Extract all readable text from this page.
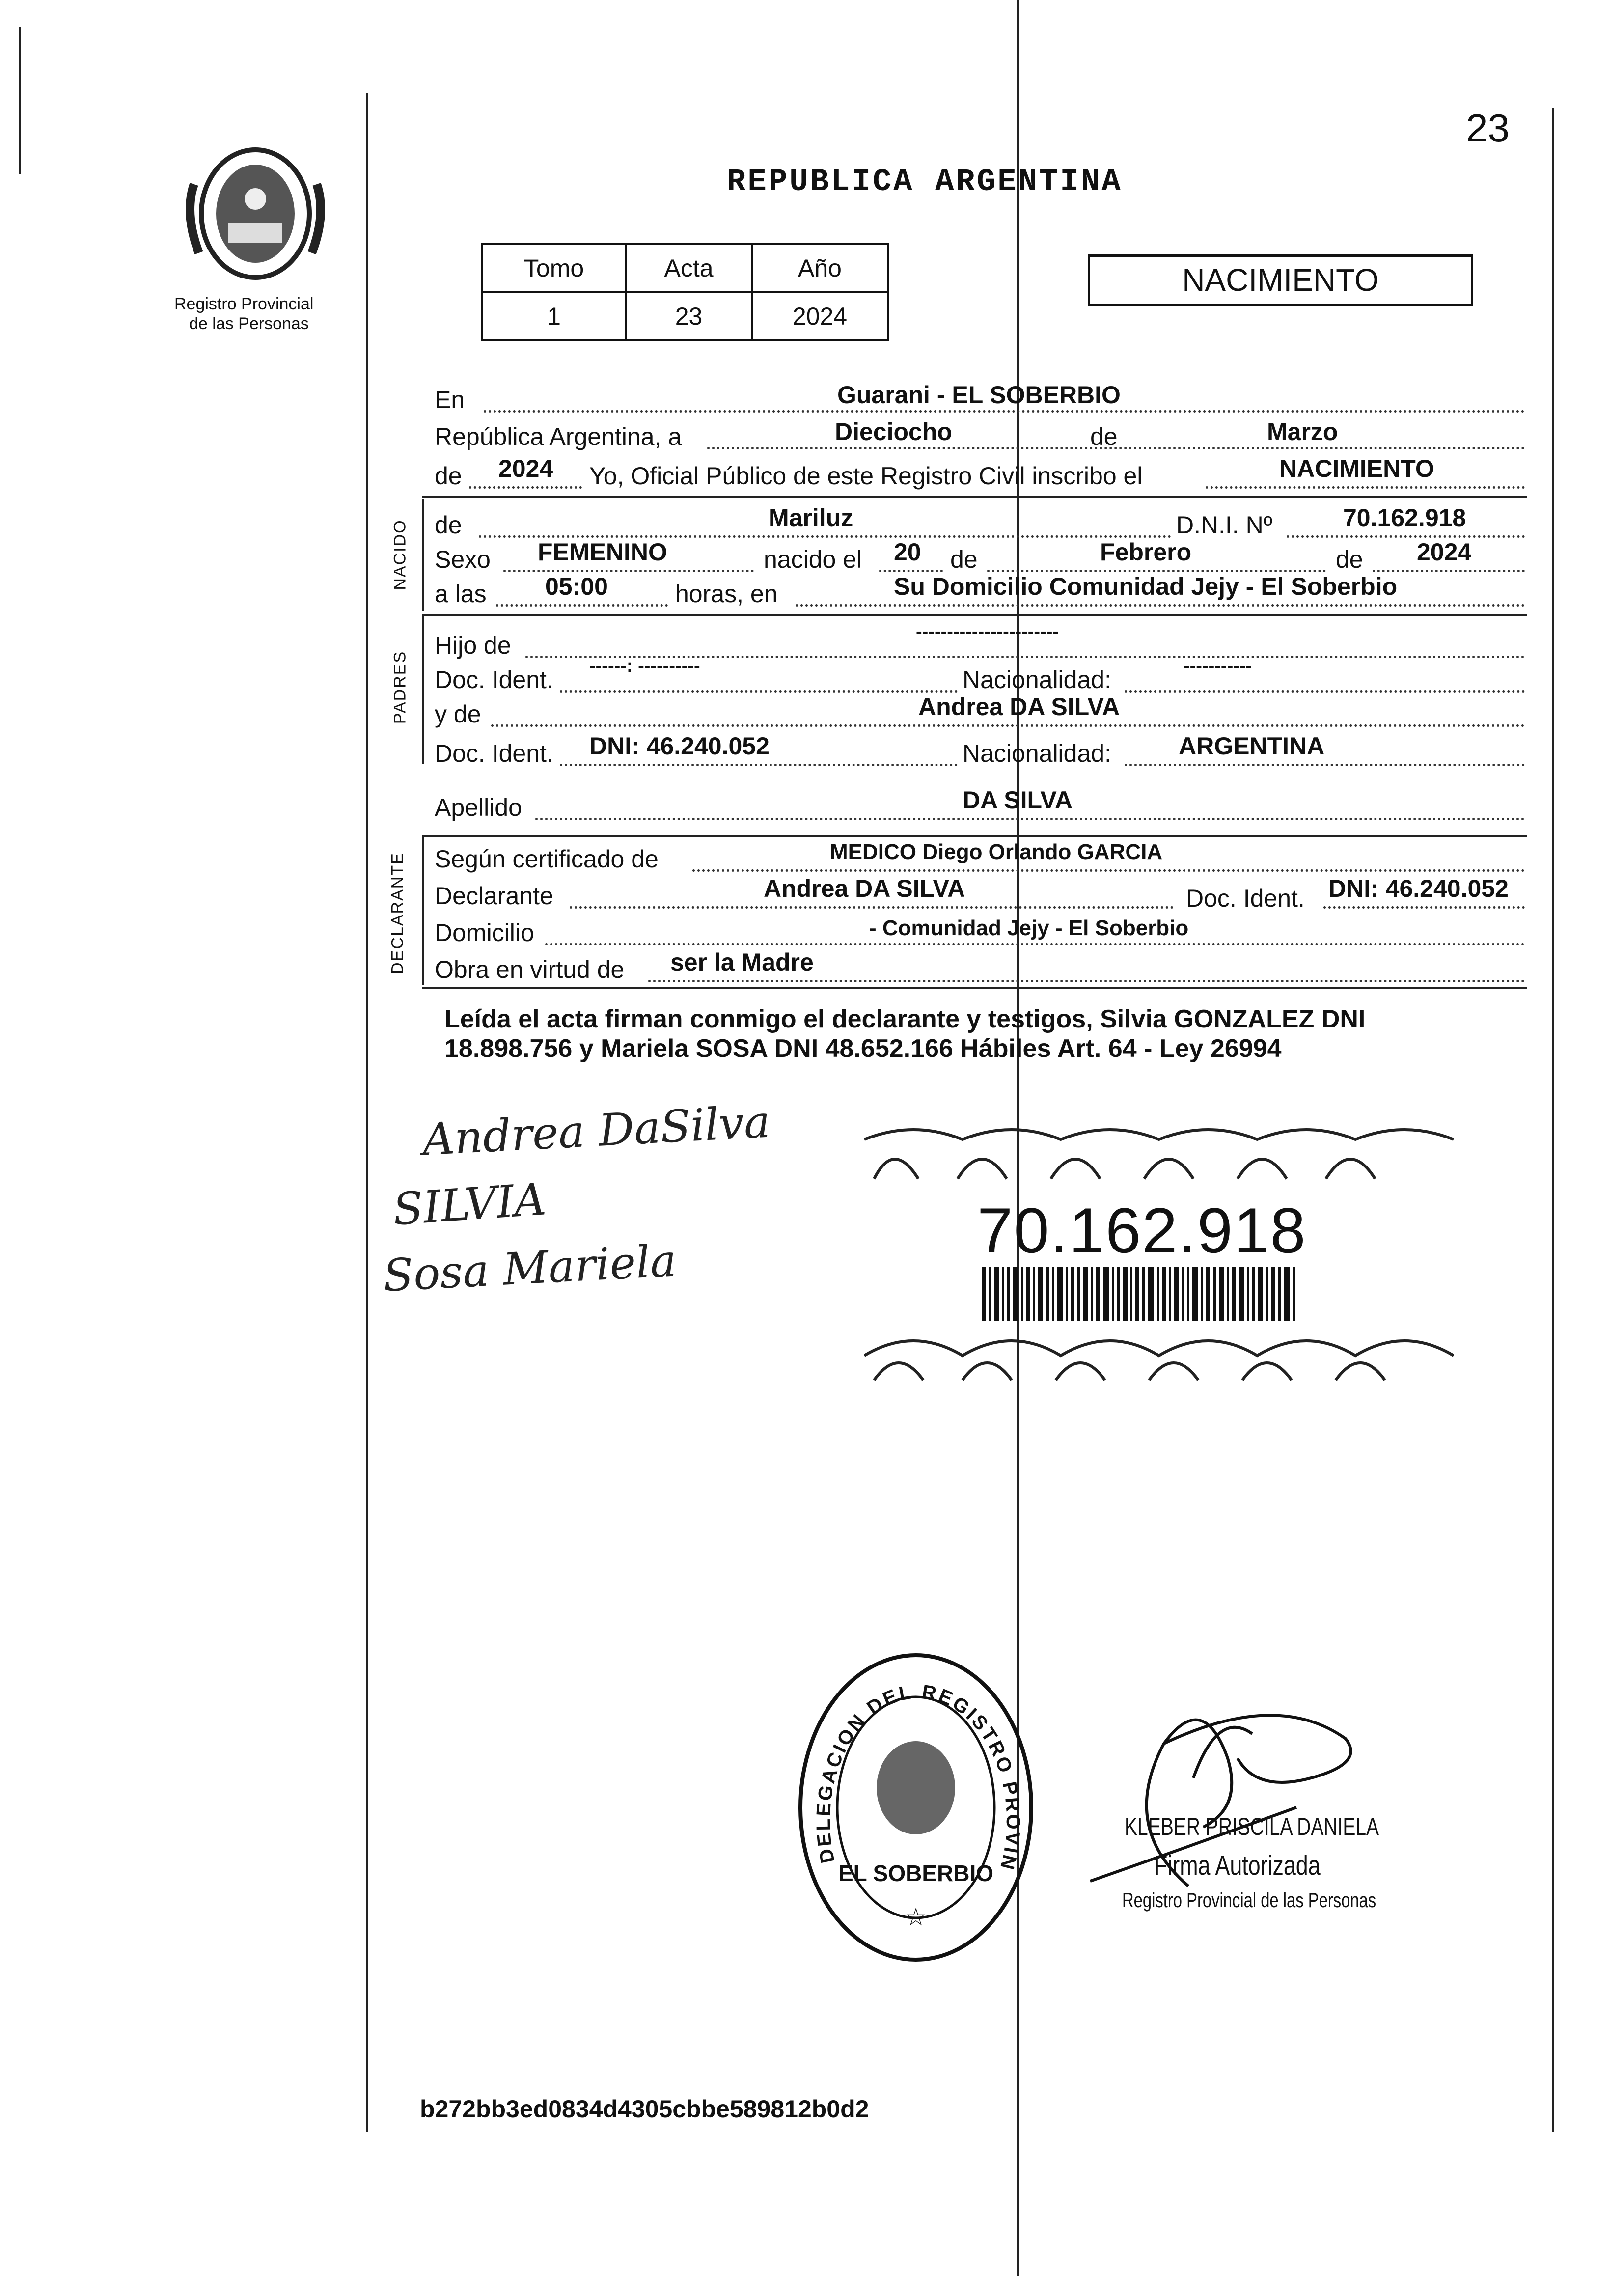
23
Registro Provincial
de las Personas
REPUBLICA ARGENTINA
Tomo	Acta	Año
1	23	2024
NACIMIENTO
NACIDO
PADRES
DECLARANTE
En	Guarani - EL SOBERBIO
República Argentina, a	Dieciocho	de	Marzo
de 2024 Yo, Oficial Público de este Registro Civil inscribo el	NACIMIENTO
de	Mariluz	D.N.I. Nº	70.162.918
Sexo FEMENINO	nacido el 20 de	Febrero	de 2024
a las 05:00	horas, en	Su Domicilio Comunidad Jejy - El Soberbio
Hijo de	-----------------------
Doc. Ident. ------: ----------	Nacionalidad:	-----------
y de	Andrea DA SILVA
Doc. Ident. DNI: 46.240.052	Nacionalidad:	ARGENTINA
Apellido	DA SILVA
Según certificado de	MEDICO Diego Orlando GARCIA
Declarante	Andrea DA SILVA	Doc. Ident. DNI: 46.240.052
Domicilio	- Comunidad Jejy - El Soberbio
Obra en virtud de ser la Madre
Leída el acta firman conmigo el declarante y testigos, Silvia GONZALEZ DNI
18.898.756 y Mariela SOSA DNI 48.652.166 Hábiles Art. 64 - Ley 26994
Andrea DaSilva
SILVIA
Sosa Mariela
70.162.918
DELEGACION DEL REGISTRO PROVIN
EL SOBERBIO
☆
KLEBER PRISCILA DANIELA
Firma Autorizada
Registro Provincial de las Personas
b272bb3ed0834d4305cbbe589812b0d2
